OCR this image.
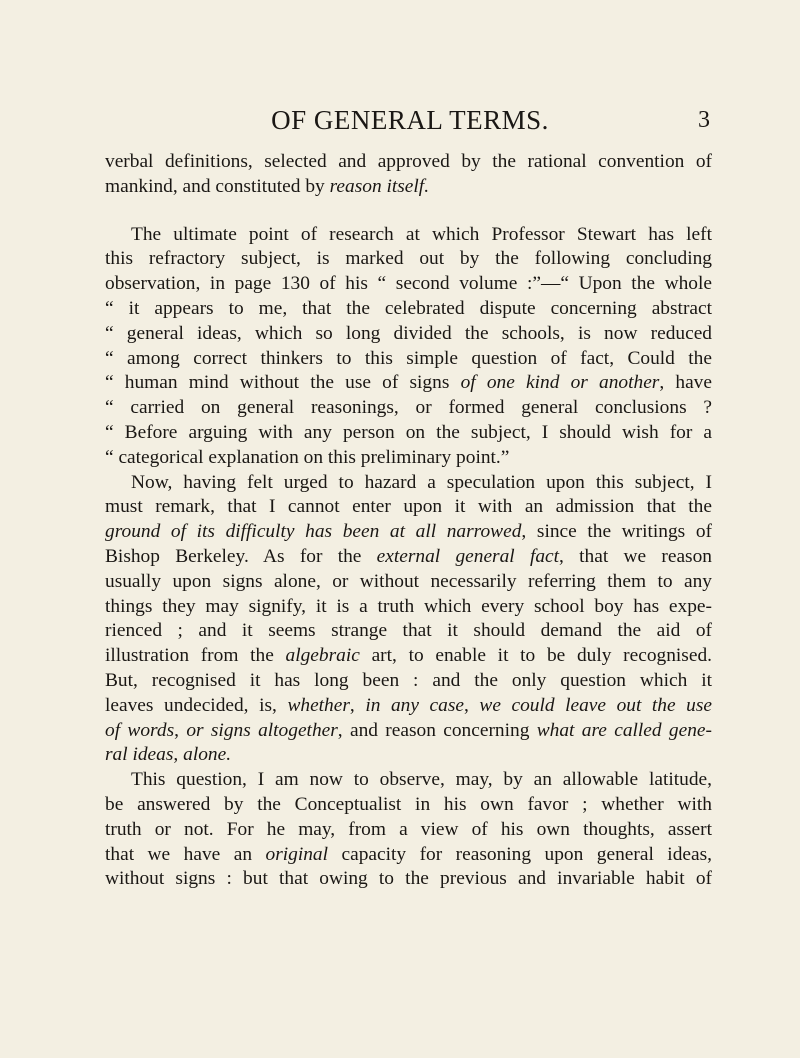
OF GENERAL TERMS.	3
verbal definitions, selected and approved by the rational convention of
mankind, and constituted by reason itself.
The ultimate point of research at which Professor Stewart has left
this refractory subject, is marked out by the following concluding
observation, in page 130 of his “ second volume :”—“ Upon the whole
“ it appears to me, that the celebrated dispute concerning abstract
“ general ideas, which so long divided the schools, is now reduced
“ among correct thinkers to this simple question of fact, Could the
“ human mind without the use of signs of one kind or another, have
“ carried on general reasonings, or formed general conclusions ?
“ Before arguing with any person on the subject, I should wish for a
“ categorical explanation on this preliminary point.”
Now, having felt urged to hazard a speculation upon this subject, I
must remark, that I cannot enter upon it with an admission that the
ground of its difficulty has been at all narrowed, since the writings of
Bishop Berkeley. As for the external general fact, that we reason
usually upon signs alone, or without necessarily referring them to any
things they may signify, it is a truth which every school boy has expe-
rienced ; and it seems strange that it should demand the aid of
illustration from the algebraic art, to enable it to be duly recognised.
But, recognised it has long been : and the only question which it
leaves undecided, is, whether, in any case, we could leave out the use
of words, or signs altogether, and reason concerning what are called gene-
ral ideas, alone.
This question, I am now to observe, may, by an allowable latitude,
be answered by the Conceptualist in his own favor ; whether with
truth or not. For he may, from a view of his own thoughts, assert
that we have an original capacity for reasoning upon general ideas,
without signs : but that owing to the previous and invariable habit of
